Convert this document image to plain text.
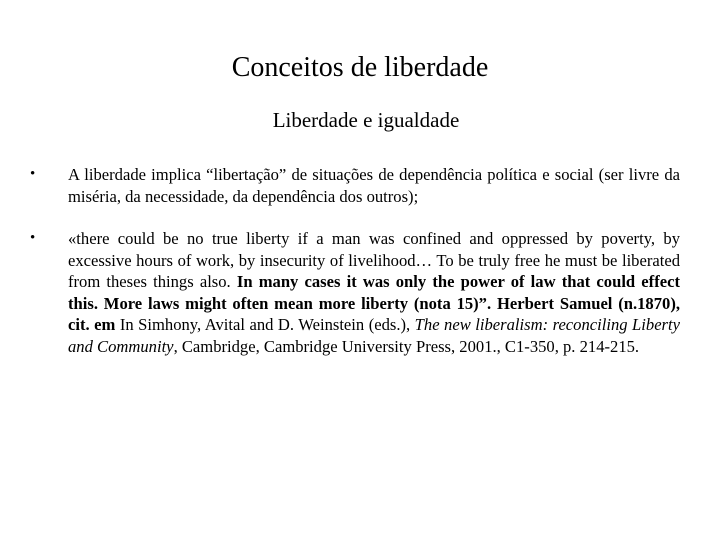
Conceitos de liberdade
Liberdade e igualdade
• A liberdade implica “libertação” de situações de dependência política e social (ser livre da miséria, da necessidade, da dependência dos outros);
• «there could be no true liberty if a man was confined and oppressed by poverty, by excessive hours of work, by insecurity of livelihood… To be truly free he must be liberated from theses things also. In many cases it was only the power of law that could effect this. More laws might often mean more liberty (nota 15)”. Herbert Samuel (n.1870), cit. em In Simhony, Avital and D. Weinstein (eds.), The new liberalism: reconciling Liberty and Community, Cambridge, Cambridge University Press, 2001., C1-350, p. 214-215.
